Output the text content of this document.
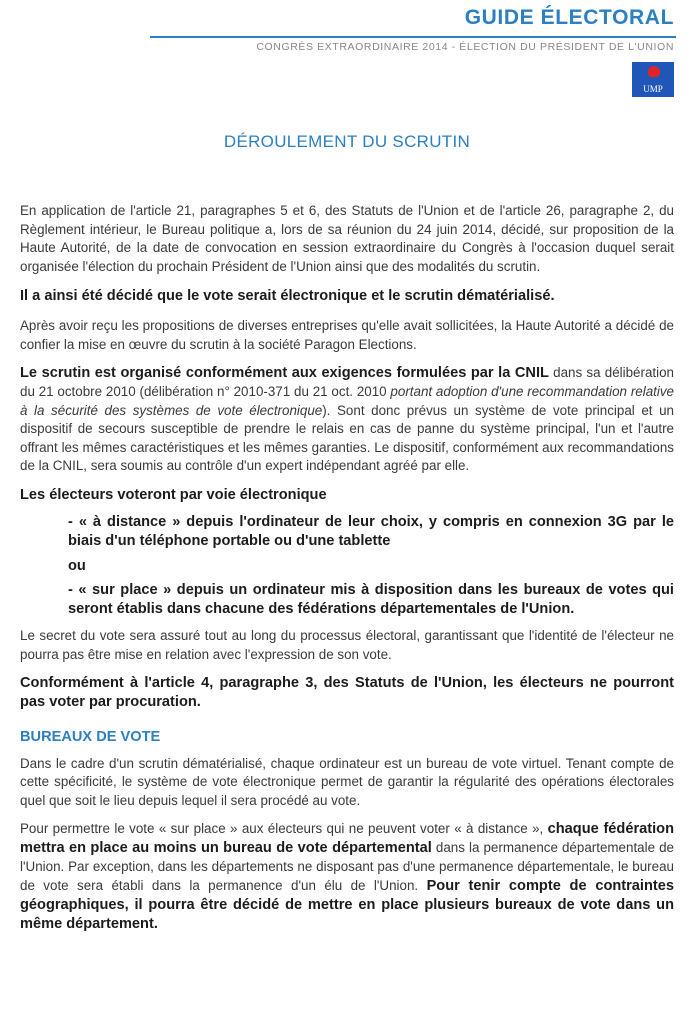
GUIDE ÉLECTORAL
CONGRÈS EXTRAORDINAIRE 2014 - ÉLECTION DU PRÉSIDENT DE L'UNION
UMP
DÉROULEMENT DU SCRUTIN

En application de l'article 21, paragraphes 5 et 6, des Statuts de l'Union et de l'article 26, paragraphe 2, du Règlement intérieur, le Bureau politique a, lors de sa réunion du 24 juin 2014, décidé, sur proposition de la Haute Autorité, de la date de convocation en session extraordinaire du Congrès à l'occasion duquel serait organisée l'élection du prochain Président de l'Union ainsi que des modalités du scrutin.

Il a ainsi été décidé que le vote serait électronique et le scrutin dématérialisé.

Après avoir reçu les propositions de diverses entreprises qu'elle avait sollicitées, la Haute Autorité a décidé de confier la mise en œuvre du scrutin à la société Paragon Elections.

Le scrutin est organisé conformément aux exigences formulées par la CNIL dans sa délibération du 21 octobre 2010 (délibération n° 2010-371 du 21 oct. 2010 portant adoption d'une recommandation relative à la sécurité des systèmes de vote électronique). Sont donc prévus un système de vote principal et un dispositif de secours susceptible de prendre le relais en cas de panne du système principal, l'un et l'autre offrant les mêmes caractéristiques et les mêmes garanties. Le dispositif, conformément aux recommandations de la CNIL, sera soumis au contrôle d'un expert indépendant agréé par elle.

Les électeurs voteront par voie électronique

- « à distance » depuis l'ordinateur de leur choix, y compris en connexion 3G par le biais d'un téléphone portable ou d'une tablette

ou

- « sur place » depuis un ordinateur mis à disposition dans les bureaux de votes qui seront établis dans chacune des fédérations départementales de l'Union.

Le secret du vote sera assuré tout au long du processus électoral, garantissant que l'identité de l'électeur ne pourra pas être mise en relation avec l'expression de son vote.

Conformément à l'article 4, paragraphe 3, des Statuts de l'Union, les électeurs ne pourront pas voter par procuration.

BUREAUX DE VOTE

Dans le cadre d'un scrutin dématérialisé, chaque ordinateur est un bureau de vote virtuel. Tenant compte de cette spécificité, le système de vote électronique permet de garantir la régularité des opérations électorales quel que soit le lieu depuis lequel il sera procédé au vote.

Pour permettre le vote « sur place » aux électeurs qui ne peuvent voter « à distance », chaque fédération mettra en place au moins un bureau de vote départemental dans la permanence départementale de l'Union. Par exception, dans les départements ne disposant pas d'une permanence départementale, le bureau de vote sera établi dans la permanence d'un élu de l'Union. Pour tenir compte de contraintes géographiques, il pourra être décidé de mettre en place plusieurs bureaux de vote dans un même département.
